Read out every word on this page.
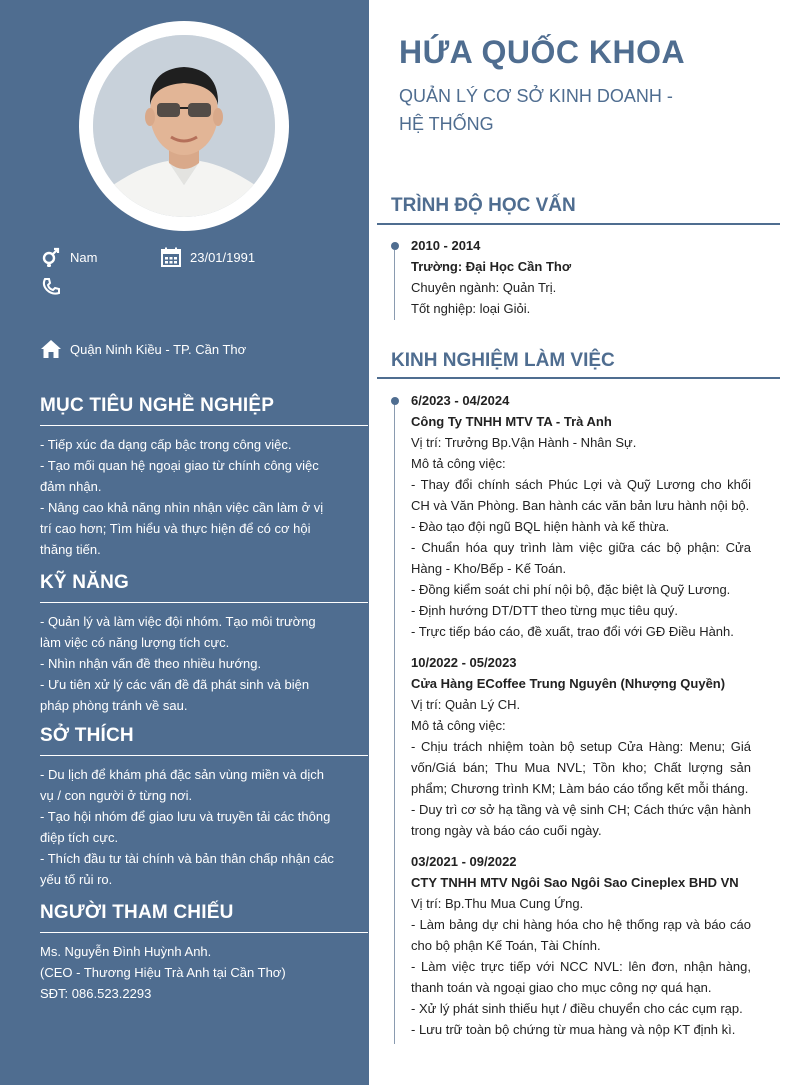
Nam	23/01/1991
Quận Ninh Kiều - TP. Cần Thơ
MỤC TIÊU NGHỀ NGHIỆP

- Tiếp xúc đa dạng cấp bậc trong công việc.

- Tạo mối quan hệ ngoại giao từ chính công việc đảm nhận.

- Nâng cao khả năng nhìn nhận việc cần làm ở vị trí cao hơn; Tìm hiểu và thực hiện để có cơ hội thăng tiến.

KỸ NĂNG

- Quản lý và làm việc đội nhóm. Tạo môi trường làm việc có năng lượng tích cực.

- Nhìn nhận vấn đề theo nhiều hướng.

- Ưu tiên xử lý các vấn đề đã phát sinh và biện pháp phòng tránh về sau.

SỞ THÍCH

- Du lịch để khám phá đặc sản vùng miền và dịch vụ / con người ở từng nơi.

- Tạo hội nhóm để giao lưu và truyền tải các thông điệp tích cực.

- Thích đầu tư tài chính và bản thân chấp nhận các yếu tố rủi ro.

NGƯỜI THAM CHIẾU

Ms. Nguyễn Đình Huỳnh Anh.

(CEO - Thương Hiệu Trà Anh tại Cần Thơ)

SĐT: 086.523.2293

HỨA QUỐC KHOA
QUẢN LÝ CƠ SỞ KINH DOANH - HỆ THỐNG
TRÌNH ĐỘ HỌC VẤN

2010 - 2014

Trường: Đại Học Cần Thơ

Chuyên ngành: Quản Trị.

Tốt nghiệp: loại Giỏi.

KINH NGHIỆM LÀM VIỆC

6/2023 - 04/2024

Công Ty TNHH MTV TA - Trà Anh

Vị trí: Trưởng Bp.Vận Hành - Nhân Sự.

Mô tả công việc:

- Thay đổi chính sách Phúc Lợi và Quỹ Lương cho khối CH và Văn Phòng. Ban hành các văn bản lưu hành nội bộ.

- Đào tạo đội ngũ BQL hiện hành và kế thừa.

- Chuẩn hóa quy trình làm việc giữa các bộ phận: Cửa Hàng - Kho/Bếp - Kế Toán.

- Đồng kiểm soát chi phí nội bộ, đặc biệt là Quỹ Lương.

- Định hướng DT/DTT theo từng mục tiêu quý.

- Trực tiếp báo cáo, đề xuất, trao đổi với GĐ Điều Hành.

10/2022 - 05/2023

Cửa Hàng ECoffee Trung Nguyên (Nhượng Quyền)

Vị trí: Quản Lý CH.

Mô tả công việc:

- Chịu trách nhiệm toàn bộ setup Cửa Hàng: Menu; Giá vốn/Giá bán; Thu Mua NVL; Tồn kho; Chất lượng sản phẩm; Chương trình KM; Làm báo cáo tổng kết mỗi tháng.

- Duy trì cơ sở hạ tầng và vệ sinh CH; Cách thức vận hành trong ngày và báo cáo cuối ngày.

03/2021 - 09/2022

CTY TNHH MTV Ngôi Sao Ngôi Sao Cineplex BHD VN

Vị trí: Bp.Thu Mua Cung Ứng.

- Làm bảng dự chi hàng hóa cho hệ thống rạp và báo cáo cho bộ phận Kế Toán, Tài Chính.

- Làm việc trực tiếp với NCC NVL: lên đơn, nhận hàng, thanh toán và ngoại giao cho mục công nợ quá hạn.

- Xử lý phát sinh thiếu hụt / điều chuyển cho các cụm rạp.

- Lưu trữ toàn bộ chứng từ mua hàng và nộp KT định kì.
